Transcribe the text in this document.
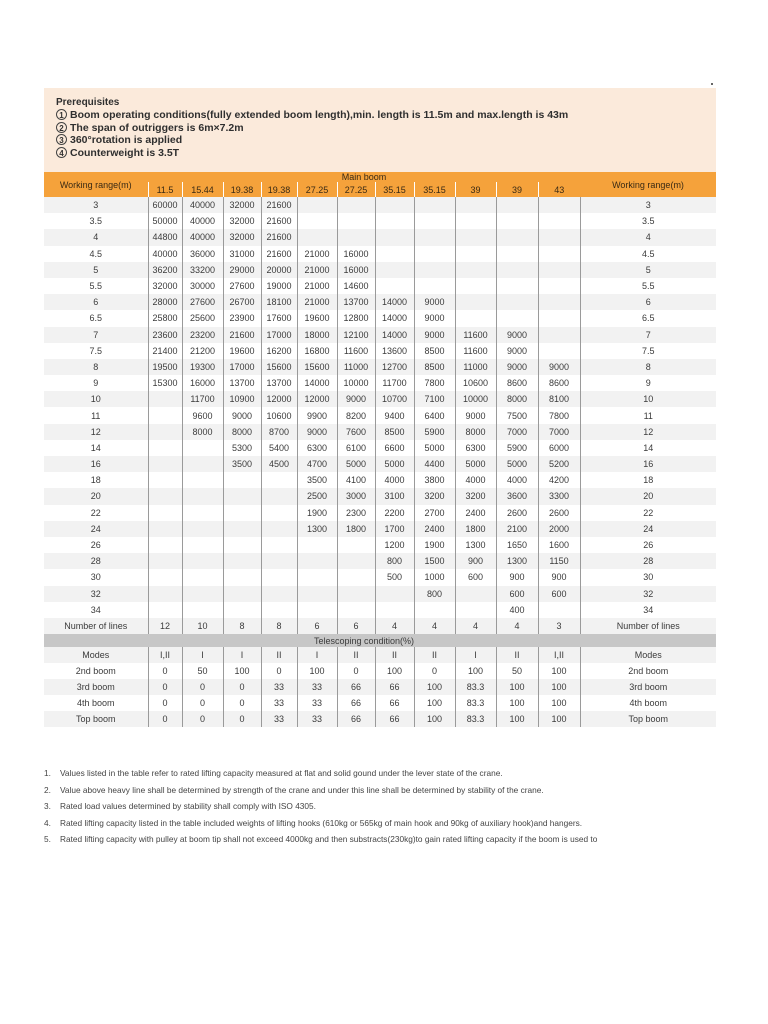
Prerequisites
1 Boom operating conditions(fully extended boom length),min. length is 11.5m and max.length is 43m
2 The span of outriggers is 6m×7.2m
3 360°rotation is applied
4 Counterweight is 3.5T
Working range(m)	Main boom											Working range(m)
	11.5	15.44	19.38	19.38	27.25	27.25	35.15	35.15	39	39	43	
3	60000	40000	32000	21600								3
3.5	50000	40000	32000	21600								3.5
4	44800	40000	32000	21600								4
4.5	40000	36000	31000	21600	21000	16000						4.5
5	36200	33200	29000	20000	21000	16000						5
5.5	32000	30000	27600	19000	21000	14600						5.5
6	28000	27600	26700	18100	21000	13700	14000	9000				6
6.5	25800	25600	23900	17600	19600	12800	14000	9000				6.5
7	23600	23200	21600	17000	18000	12100	14000	9000	11600	9000		7
7.5	21400	21200	19600	16200	16800	11600	13600	8500	11600	9000		7.5
8	19500	19300	17000	15600	15600	11000	12700	8500	11000	9000	9000	8
9	15300	16000	13700	13700	14000	10000	11700	7800	10600	8600	8600	9
10		11700	10900	12000	12000	9000	10700	7100	10000	8000	8100	10
11		9600	9000	10600	9900	8200	9400	6400	9000	7500	7800	11
12		8000	8000	8700	9000	7600	8500	5900	8000	7000	7000	12
14			5300	5400	6300	6100	6600	5000	6300	5900	6000	14
16			3500	4500	4700	5000	5000	4400	5000	5000	5200	16
18					3500	4100	4000	3800	4000	4000	4200	18
20					2500	3000	3100	3200	3200	3600	3300	20
22					1900	2300	2200	2700	2400	2600	2600	22
24					1300	1800	1700	2400	1800	2100	2000	24
26							1200	1900	1300	1650	1600	26
28							800	1500	900	1300	1150	28
30							500	1000	600	900	900	30
32								800		600	600	32
34										400		34
Number of lines	12	10	8	8	6	6	4	4	4	4	3	Number of lines
	Telescoping condition(%)											
Modes	I,II	I	I	II	I	II	II	II	I	II	I,II	Modes
2nd boom	0	50	100	0	100	0	100	0	100	50	100	2nd boom
3rd boom	0	0	0	33	33	66	66	100	83.3	100	100	3rd boom
4th boom	0	0	0	33	33	66	66	100	83.3	100	100	4th boom
Top boom	0	0	0	33	33	66	66	100	83.3	100	100	Top boom
1. Values listed in the table refer to rated lifting capacity measured at flat and solid gound under the lever state of the crane.
2. Value above heavy line shall be determined by strength of the crane and under this line shall be determined by stability of the crane.
3. Rated load values determined by stability shall comply with ISO 4305.
4. Rated lifting capacity listed in the table included weights of lifting hooks (610kg or 565kg of main hook and 90kg of auxiliary hook)and hangers.
5. Rated lifting capacity with pulley at boom tip shall not exceed 4000kg and then substracts(230kg)to gain rated lifting capacity if the boom is used to
